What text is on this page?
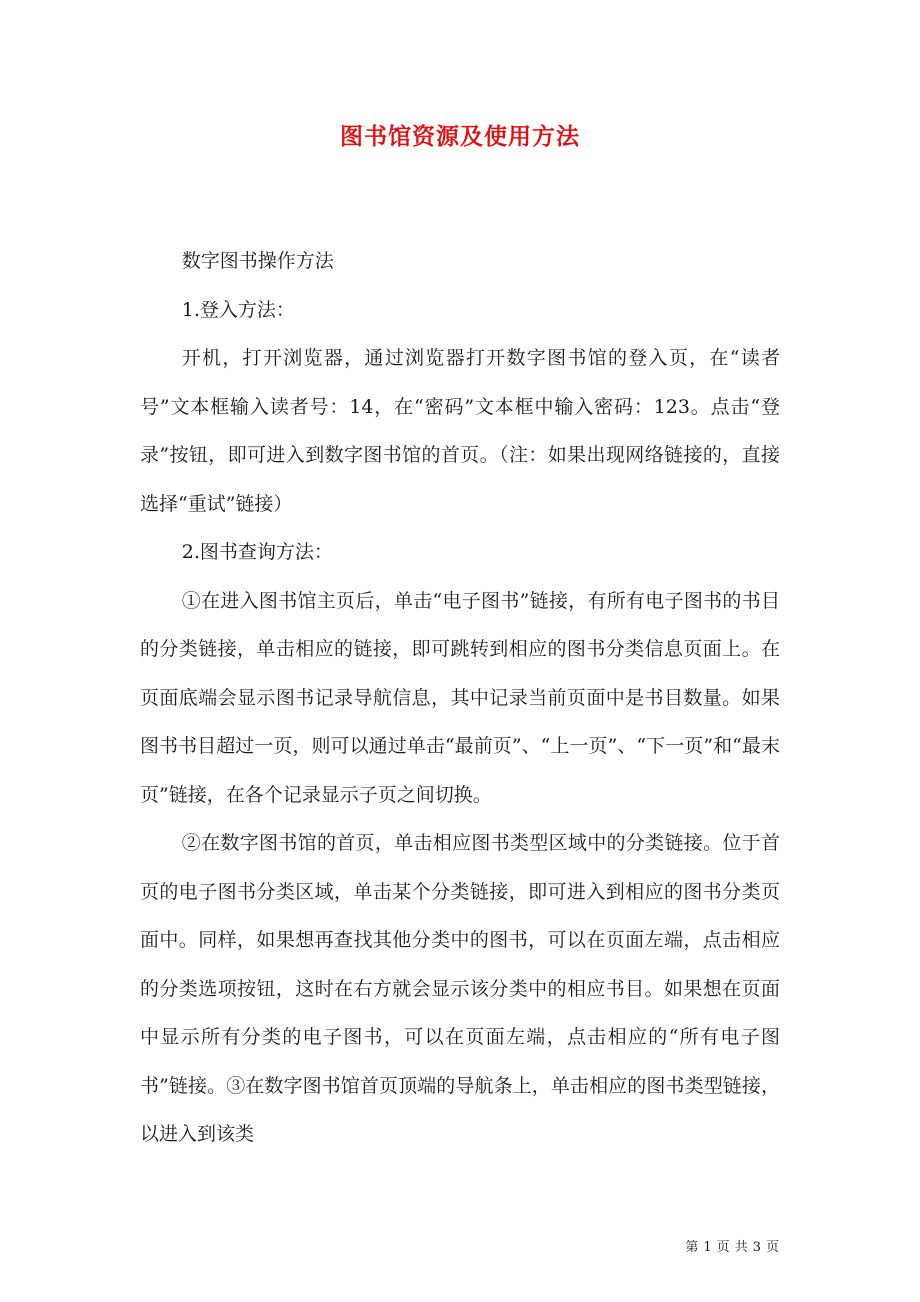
图书馆资源及使用方法

数字图书操作方法

1.登入方法：

开机，打开浏览器，通过浏览器打开数字图书馆的登入页，在“读者号”文本框输入读者号：14，在“密码”文本框中输入密码：123。点击“登录”按钮，即可进入到数字图书馆的首页。（注：如果出现网络链接的，直接选择“重试”链接）

2.图书查询方法：

①在进入图书馆主页后，单击“电子图书”链接，有所有电子图书的书目的分类链接，单击相应的链接，即可跳转到相应的图书分类信息页面上。在页面底端会显示图书记录导航信息，其中记录当前页面中是书目数量。如果图书书目超过一页，则可以通过单击“最前页”、“上一页”、“下一页”和“最末页”链接，在各个记录显示子页之间切换。

②在数字图书馆的首页，单击相应图书类型区域中的分类链接。位于首页的电子图书分类区域，单击某个分类链接，即可进入到相应的图书分类页面中。同样，如果想再查找其他分类中的图书，可以在页面左端，点击相应的分类选项按钮，这时在右方就会显示该分类中的相应书目。如果想在页面中显示所有分类的电子图书，可以在页面左端，点击相应的“所有电子图书”链接。③在数字图书馆首页顶端的导航条上，单击相应的图书类型链接，以进入到该类

第 1 页 共 3 页
